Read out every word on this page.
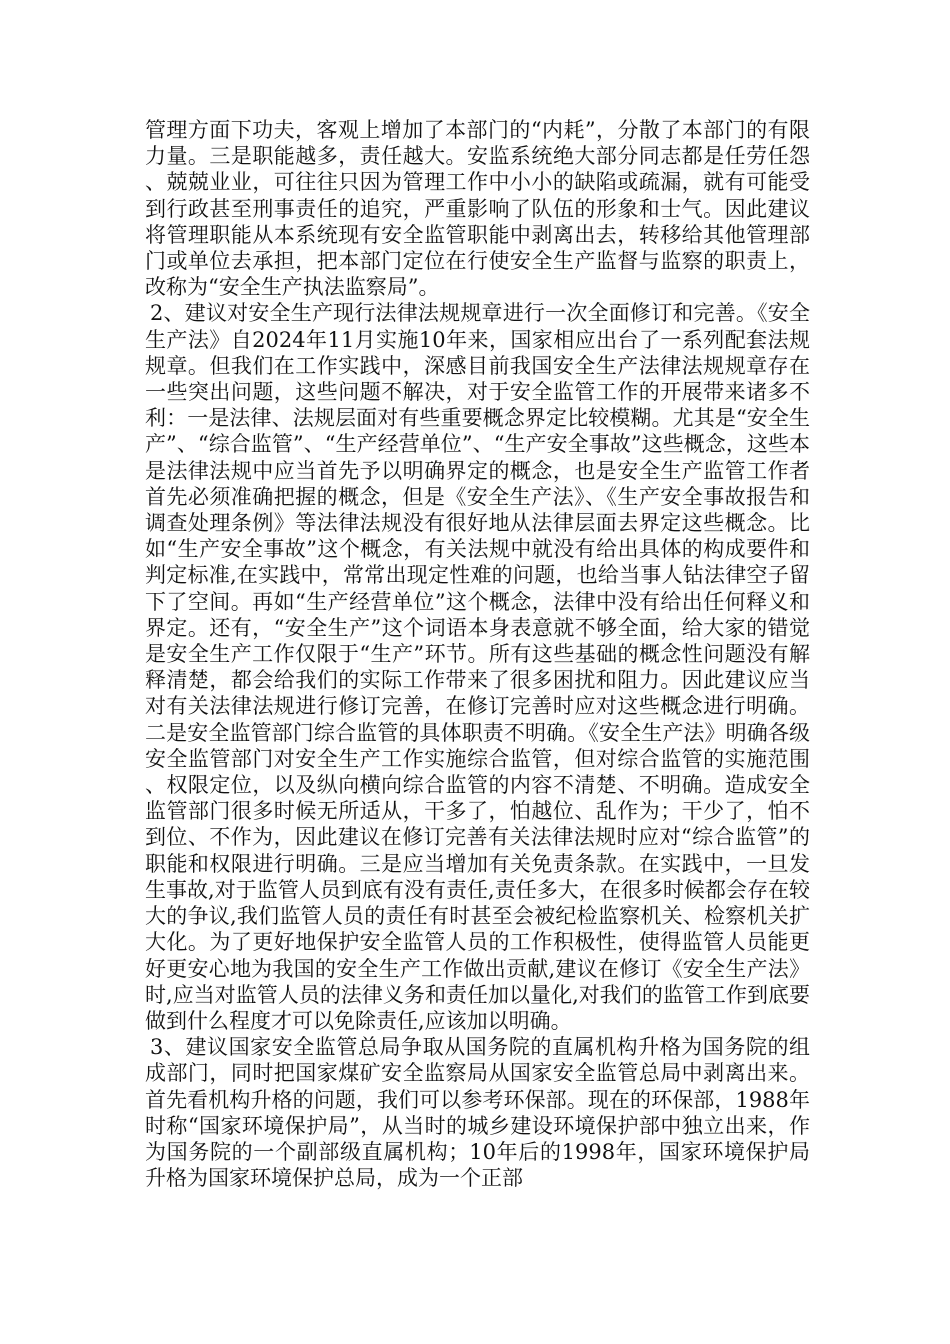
管理方面下功夫，客观上增加了本部门的“内耗”，分散了本部门的有限力量。三是职能越多，责任越大。安监系统绝大部分同志都是任劳任怨、兢兢业业，可往往只因为管理工作中小小的缺陷或疏漏，就有可能受到行政甚至刑事责任的追究，严重影响了队伍的形象和士气。因此建议将管理职能从本系统现有安全监管职能中剥离出去，转移给其他管理部门或单位去承担，把本部门定位在行使安全生产监督与监察的职责上，改称为“安全生产执法监察局”。

2、建议对安全生产现行法律法规规章进行一次全面修订和完善。《安全生产法》自2024年11月实施10年来，国家相应出台了一系列配套法规规章。但我们在工作实践中，深感目前我国安全生产法律法规规章存在一些突出问题，这些问题不解决，对于安全监管工作的开展带来诸多不利：一是法律、法规层面对有些重要概念界定比较模糊。尤其是“安全生产”、“综合监管”、“生产经营单位”、“生产安全事故”这些概念，这些本是法律法规中应当首先予以明确界定的概念，也是安全生产监管工作者首先必须准确把握的概念，但是《安全生产法》、《生产安全事故报告和调查处理条例》等法律法规没有很好地从法律层面去界定这些概念。比如“生产安全事故”这个概念，有关法规中就没有给出具体的构成要件和判定标准,在实践中，常常出现定性难的问题，也给当事人钻法律空子留下了空间。再如“生产经营单位”这个概念，法律中没有给出任何释义和界定。还有，“安全生产”这个词语本身表意就不够全面，给大家的错觉是安全生产工作仅限于“生产”环节。所有这些基础的概念性问题没有解释清楚，都会给我们的实际工作带来了很多困扰和阻力。因此建议应当对有关法律法规进行修订完善，在修订完善时应对这些概念进行明确。二是安全监管部门综合监管的具体职责不明确。《安全生产法》明确各级安全监管部门对安全生产工作实施综合监管，但对综合监管的实施范围、权限定位，以及纵向横向综合监管的内容不清楚、不明确。造成安全监管部门很多时候无所适从，干多了，怕越位、乱作为；干少了，怕不到位、不作为，因此建议在修订完善有关法律法规时应对“综合监管”的职能和权限进行明确。三是应当增加有关免责条款。在实践中，一旦发生事故,对于监管人员到底有没有责任,责任多大，在很多时候都会存在较大的争议,我们监管人员的责任有时甚至会被纪检监察机关、检察机关扩大化。为了更好地保护安全监管人员的工作积极性，使得监管人员能更好更安心地为我国的安全生产工作做出贡献,建议在修订《安全生产法》时,应当对监管人员的法律义务和责任加以量化,对我们的监管工作到底要做到什么程度才可以免除责任,应该加以明确。

3、建议国家安全监管总局争取从国务院的直属机构升格为国务院的组成部门，同时把国家煤矿安全监察局从国家安全监管总局中剥离出来。首先看机构升格的问题，我们可以参考环保部。现在的环保部，1988年时称“国家环境保护局”，从当时的城乡建设环境保护部中独立出来，作为国务院的一个副部级直属机构；10年后的1998年，国家环境保护局升格为国家环境保护总局，成为一个正部
